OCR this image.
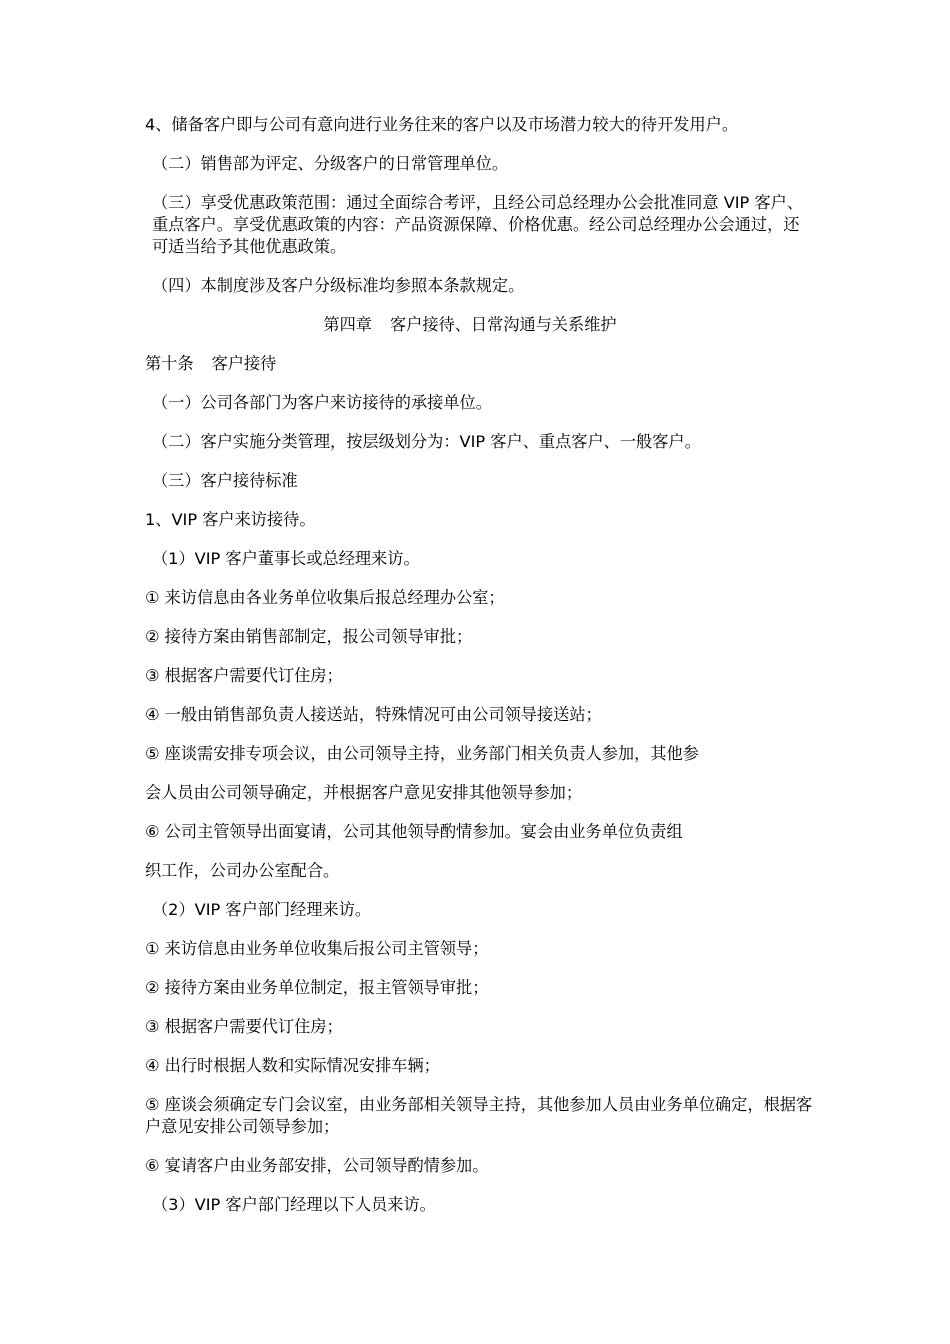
4、储备客户即与公司有意向进行业务往来的客户以及市场潜力较大的待开发用户。

（二）销售部为评定、分级客户的日常管理单位。

（三）享受优惠政策范围：通过全面综合考评，且经公司总经理办公会批准同意 VIP 客户、重点客户。享受优惠政策的内容：产品资源保障、价格优惠。经公司总经理办公会通过，还可适当给予其他优惠政策。

（四）本制度涉及客户分级标准均参照本条款规定。

第四章 客户接待、日常沟通与关系维护

第十条 客户接待

（一）公司各部门为客户来访接待的承接单位。

（二）客户实施分类管理，按层级划分为：VIP 客户、重点客户、一般客户。

（三）客户接待标准

1、VIP 客户来访接待。

（1）VIP 客户董事长或总经理来访。

① 来访信息由各业务单位收集后报总经理办公室；

② 接待方案由销售部制定，报公司领导审批；

③ 根据客户需要代订住房；

④ 一般由销售部负责人接送站，特殊情况可由公司领导接送站；

⑤ 座谈需安排专项会议，由公司领导主持，业务部门相关负责人参加，其他参

会人员由公司领导确定，并根据客户意见安排其他领导参加；

⑥ 公司主管领导出面宴请，公司其他领导酌情参加。宴会由业务单位负责组

织工作，公司办公室配合。

（2）VIP 客户部门经理来访。

① 来访信息由业务单位收集后报公司主管领导；

② 接待方案由业务单位制定，报主管领导审批；

③ 根据客户需要代订住房；

④ 出行时根据人数和实际情况安排车辆；

⑤ 座谈会须确定专门会议室，由业务部相关领导主持，其他参加人员由业务单位确定，根据客户意见安排公司领导参加；

⑥ 宴请客户由业务部安排，公司领导酌情参加。

（3）VIP 客户部门经理以下人员来访。
